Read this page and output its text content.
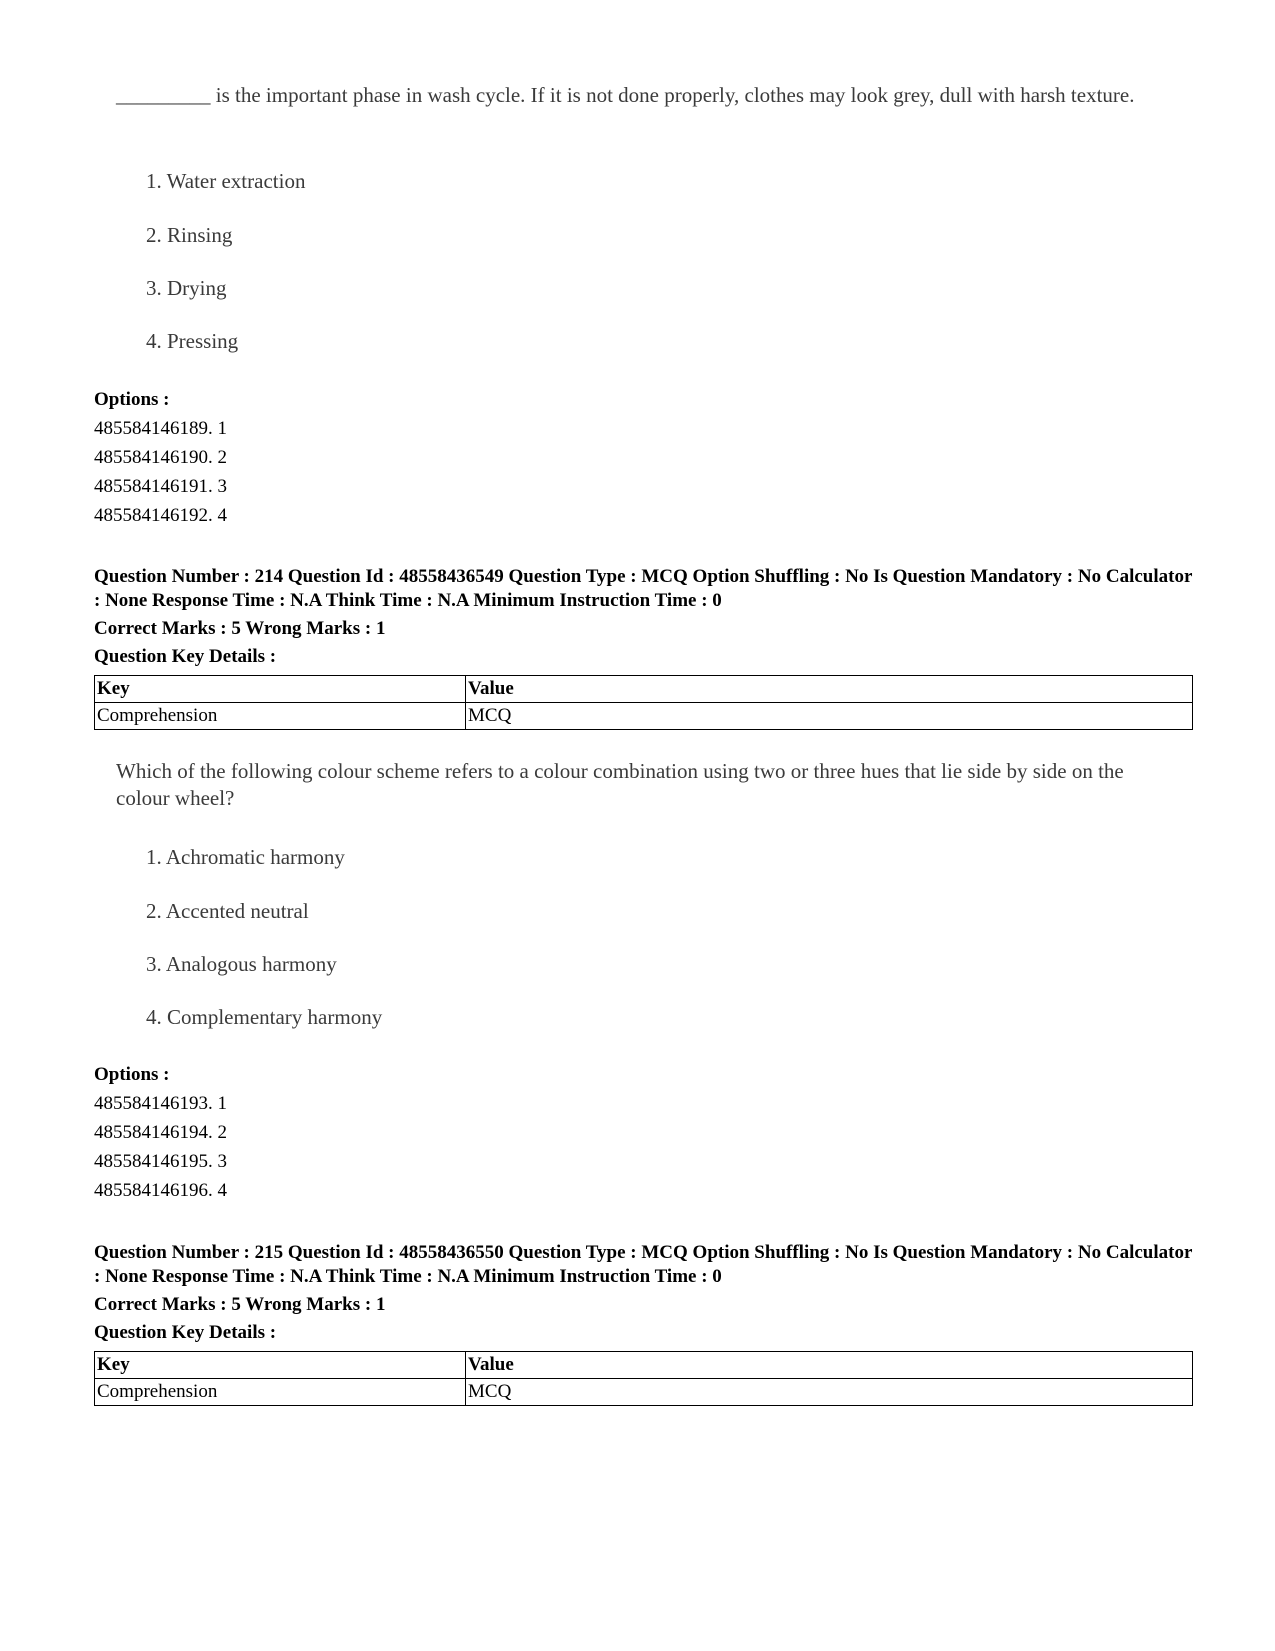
_________ is the important phase in wash cycle. If it is not done properly, clothes may look grey, dull with harsh texture.

1. Water extraction
2. Rinsing
3. Drying
4. Pressing
Options :
485584146189. 1
485584146190. 2
485584146191. 3
485584146192. 4
Question Number : 214 Question Id : 48558436549 Question Type : MCQ Option Shuffling : No Is Question Mandatory : No Calculator : None Response Time : N.A Think Time : N.A Minimum Instruction Time : 0
Correct Marks : 5 Wrong Marks : 1
Question Key Details :
Key	Value
Comprehension	MCQ

Which of the following colour scheme refers to a colour combination using two or three hues that lie side by side on the colour wheel?

1. Achromatic harmony
2. Accented neutral
3. Analogous harmony
4. Complementary harmony
Options :
485584146193. 1
485584146194. 2
485584146195. 3
485584146196. 4
Question Number : 215 Question Id : 48558436550 Question Type : MCQ Option Shuffling : No Is Question Mandatory : No Calculator : None Response Time : N.A Think Time : N.A Minimum Instruction Time : 0
Correct Marks : 5 Wrong Marks : 1
Question Key Details :
Key	Value
Comprehension	MCQ
